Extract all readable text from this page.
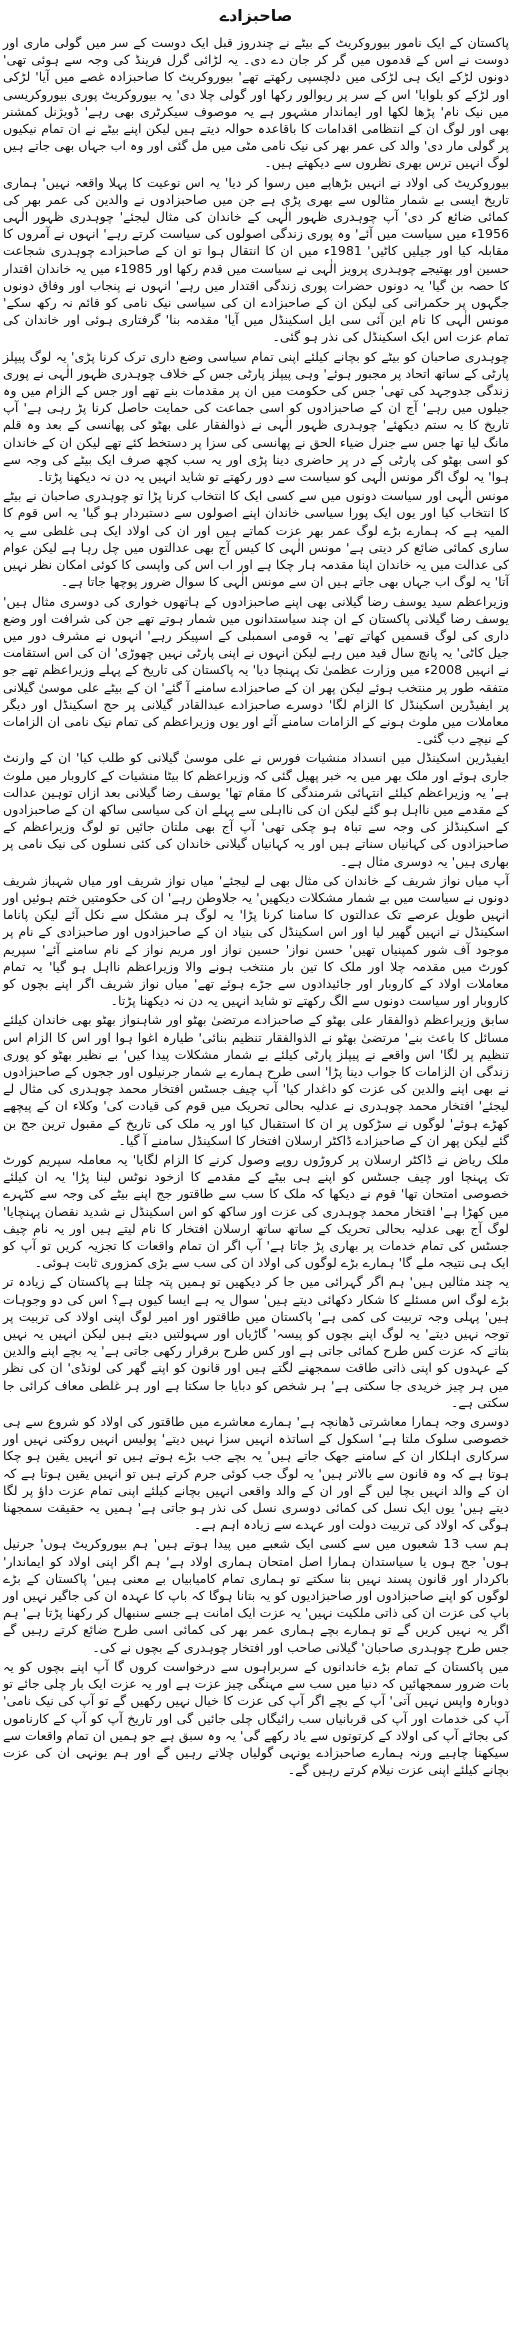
صاحبزادے

پاکستان کے ایک نامور بیوروکریٹ کے بیٹے نے چندروز قبل ایک دوست کے سر میں گولی ماری اور دوست نے اس کے قدموں میں گر کر جان دے دی۔ یہ لڑائی گرل فرینڈ کی وجہ سے ہوئی تھی' دونوں لڑکے ایک ہی لڑکی میں دلچسپی رکھتے تھے' بیوروکریٹ کا صاحبزادہ غصے میں آیا' لڑکی اور لڑکے کو بلوایا' اس کے سر پر ریوالور رکھا اور گولی چلا دی' یہ بیوروکریٹ پوری بیوروکریسی میں نیک نام' پڑھا لکھا اور ایماندار مشہور ہے یہ موصوف سیکرٹری بھی رہے' ڈویژنل کمشنر بھی اور لوگ ان کے انتظامی اقدامات کا باقاعدہ حوالہ دیتے ہیں لیکن اپنے بیٹے نے ان تمام نیکیوں پر گولی مار دی' والد کی عمر بھر کی نیک نامی مٹی میں مل گئی اور وہ اب جہاں بھی جاتے ہیں لوگ انہیں ترس بھری نظروں سے دیکھتے ہیں۔

بیوروکریٹ کی اولاد نے انہیں بڑھاپے میں رسوا کر دیا' یہ اس نوعیت کا پہلا واقعہ نہیں' ہماری تاریخ ایسی بے شمار مثالوں سے بھری پڑی ہے جن میں صاحبزادوں نے والدین کی عمر بھر کی کمائی ضائع کر دی' آپ چوہدری ظہور الٰہی کے خاندان کی مثال لیجئے' چوہدری ظہور الٰہی 1956ء میں سیاست میں آئے' وہ پوری زندگی اصولوں کی سیاست کرتے رہے' انہوں نے آمروں کا مقابلہ کیا اور جیلیں کاٹیں' 1981ء میں ان کا انتقال ہوا تو ان کے صاحبزادے چوہدری شجاعت حسین اور بھتیجے چوہدری پرویز الٰہی نے سیاست میں قدم رکھا اور 1985ء میں یہ خاندان اقتدار کا حصہ بن گیا' یہ دونوں حضرات پوری زندگی اقتدار میں رہے' انہوں نے پنجاب اور وفاق دونوں جگہوں پر حکمرانی کی لیکن ان کے صاحبزادے ان کی سیاسی نیک نامی کو قائم نہ رکھ سکے' مونس الٰہی کا نام این آئی سی ایل اسکینڈل میں آیا' مقدمہ بنا' گرفتاری ہوئی اور خاندان کی تمام عزت اس ایک اسکینڈل کی نذر ہو گئی۔

چوہدری صاحبان کو بیٹے کو بچانے کیلئے اپنی تمام سیاسی وضع داری ترک کرنا پڑی' یہ لوگ پیپلز پارٹی کے ساتھ اتحاد پر مجبور ہوئے' وہی پیپلز پارٹی جس کے خلاف چوہدری ظہور الٰہی نے پوری زندگی جدوجہد کی تھی' جس کی حکومت میں ان پر مقدمات بنے تھے اور جس کے الزام میں وہ جیلوں میں رہے' آج ان کے صاحبزادوں کو اسی جماعت کی حمایت حاصل کرنا پڑ رہی ہے' آپ تاریخ کا یہ ستم دیکھئے' چوہدری ظہور الٰہی نے ذوالفقار علی بھٹو کی پھانسی کے بعد وہ قلم مانگ لیا تھا جس سے جنرل ضیاء الحق نے پھانسی کی سزا پر دستخط کئے تھے لیکن ان کے خاندان کو اسی بھٹو کی پارٹی کے در پر حاضری دینا پڑی اور یہ سب کچھ صرف ایک بیٹے کی وجہ سے ہوا' یہ لوگ اگر مونس الٰہی کو سیاست سے دور رکھتے تو شاید انہیں یہ دن نہ دیکھنا پڑتا۔

مونس الٰہی اور سیاست دونوں میں سے کسی ایک کا انتخاب کرنا پڑا تو چوہدری صاحبان نے بیٹے کا انتخاب کیا اور یوں ایک پورا سیاسی خاندان اپنے اصولوں سے دستبردار ہو گیا' یہ اس قوم کا المیہ ہے کہ ہمارے بڑے لوگ عمر بھر عزت کماتے ہیں اور ان کی اولاد ایک ہی غلطی سے یہ ساری کمائی ضائع کر دیتی ہے' مونس الٰہی کا کیس آج بھی عدالتوں میں چل رہا ہے لیکن عوام کی عدالت میں یہ خاندان اپنا مقدمہ ہار چکا ہے اور اب اس کی واپسی کا کوئی امکان نظر نہیں آتا' یہ لوگ اب جہاں بھی جاتے ہیں ان سے مونس الٰہی کا سوال ضرور پوچھا جاتا ہے۔

وزیراعظم سید یوسف رضا گیلانی بھی اپنے صاحبزادوں کے ہاتھوں خواری کی دوسری مثال ہیں' یوسف رضا گیلانی پاکستان کے ان چند سیاستدانوں میں شمار ہوتے تھے جن کی شرافت اور وضع داری کی لوگ قسمیں کھاتے تھے' یہ قومی اسمبلی کے اسپیکر رہے' انہوں نے مشرف دور میں جیل کاٹی' یہ پانچ سال قید میں رہے لیکن انہوں نے اپنی پارٹی نہیں چھوڑی' ان کی اس استقامت نے انہیں 2008ء میں وزارت عظمیٰ تک پہنچا دیا' یہ پاکستان کی تاریخ کے پہلے وزیراعظم تھے جو متفقہ طور پر منتخب ہوئے لیکن پھر ان کے صاحبزادے سامنے آ گئے' ان کے بیٹے علی موسیٰ گیلانی پر ایفیڈرین اسکینڈل کا الزام لگا' دوسرے صاحبزادے عبدالقادر گیلانی پر حج اسکینڈل اور دیگر معاملات میں ملوث ہونے کے الزامات سامنے آئے اور یوں وزیراعظم کی تمام نیک نامی ان الزامات کے نیچے دب گئی۔

ایفیڈرین اسکینڈل میں انسداد منشیات فورس نے علی موسیٰ گیلانی کو طلب کیا' ان کے وارنٹ جاری ہوئے اور ملک بھر میں یہ خبر پھیل گئی کہ وزیراعظم کا بیٹا منشیات کے کاروبار میں ملوث ہے' یہ وزیراعظم کیلئے انتہائی شرمندگی کا مقام تھا' یوسف رضا گیلانی بعد ازاں توہین عدالت کے مقدمے میں نااہل ہو گئے لیکن ان کی نااہلی سے پہلے ان کی سیاسی ساکھ ان کے صاحبزادوں کے اسکینڈلز کی وجہ سے تباہ ہو چکی تھی' آپ آج بھی ملتان جائیں تو لوگ وزیراعظم کے صاحبزادوں کی کہانیاں سناتے ہیں اور یہ کہانیاں گیلانی خاندان کی کئی نسلوں کی نیک نامی پر بھاری ہیں' یہ دوسری مثال ہے۔

آپ میاں نواز شریف کے خاندان کی مثال بھی لے لیجئے' میاں نواز شریف اور میاں شہباز شریف دونوں نے سیاست میں بے شمار مشکلات دیکھیں' یہ جلاوطن رہے' ان کی حکومتیں ختم ہوئیں اور انہیں طویل عرصے تک عدالتوں کا سامنا کرنا پڑا' یہ لوگ ہر مشکل سے نکل آئے لیکن پاناما اسکینڈل نے انہیں گھیر لیا اور اس اسکینڈل کی بنیاد ان کے صاحبزادوں اور صاحبزادی کے نام پر موجود آف شور کمپنیاں تھیں' حسن نواز' حسین نواز اور مریم نواز کے نام سامنے آئے' سپریم کورٹ میں مقدمہ چلا اور ملک کا تین بار منتخب ہونے والا وزیراعظم نااہل ہو گیا' یہ تمام معاملات اولاد کے کاروبار اور جائیدادوں سے جڑے ہوئے تھے' میاں نواز شریف اگر اپنے بچوں کو کاروبار اور سیاست دونوں سے الگ رکھتے تو شاید انہیں یہ دن نہ دیکھنا پڑتا۔

سابق وزیراعظم ذوالفقار علی بھٹو کے صاحبزادے مرتضیٰ بھٹو اور شاہنواز بھٹو بھی خاندان کیلئے مسائل کا باعث بنے' مرتضیٰ بھٹو نے الذوالفقار تنظیم بنائی' طیارہ اغوا ہوا اور اس کا الزام اس تنظیم پر لگا' اس واقعے نے پیپلز پارٹی کیلئے بے شمار مشکلات پیدا کیں' بے نظیر بھٹو کو پوری زندگی ان الزامات کا جواب دینا پڑا' اسی طرح ہمارے بے شمار جرنیلوں اور ججوں کے صاحبزادوں نے بھی اپنے والدین کی عزت کو داغدار کیا' آپ چیف جسٹس افتخار محمد چوہدری کی مثال لے لیجئے' افتخار محمد چوہدری نے عدلیہ بحالی تحریک میں قوم کی قیادت کی' وکلاء ان کے پیچھے کھڑے ہوئے' لوگوں نے سڑکوں پر ان کا استقبال کیا اور یہ ملک کی تاریخ کے مقبول ترین جج بن گئے لیکن پھر ان کے صاحبزادے ڈاکٹر ارسلان افتخار کا اسکینڈل سامنے آ گیا۔

ملک ریاض نے ڈاکٹر ارسلان پر کروڑوں روپے وصول کرنے کا الزام لگایا' یہ معاملہ سپریم کورٹ تک پہنچا اور چیف جسٹس کو اپنے ہی بیٹے کے مقدمے کا ازخود نوٹس لینا پڑا' یہ ان کیلئے خصوصی امتحان تھا' قوم نے دیکھا کہ ملک کا سب سے طاقتور جج اپنے بیٹے کی وجہ سے کٹہرے میں کھڑا ہے' افتخار محمد چوہدری کی عزت اور ساکھ کو اس اسکینڈل نے شدید نقصان پہنچایا' لوگ آج بھی عدلیہ بحالی تحریک کے ساتھ ساتھ ارسلان افتخار کا نام لیتے ہیں اور یہ نام چیف جسٹس کی تمام خدمات پر بھاری پڑ جاتا ہے' آپ اگر ان تمام واقعات کا تجزیہ کریں تو آپ کو ایک ہی نتیجہ ملے گا' ہمارے بڑے لوگوں کی اولاد ان کی سب سے بڑی کمزوری ثابت ہوئی۔

یہ چند مثالیں ہیں' ہم اگر گہرائی میں جا کر دیکھیں تو ہمیں پتہ چلتا ہے پاکستان کے زیادہ تر بڑے لوگ اس مسئلے کا شکار دکھائی دیتے ہیں' سوال یہ ہے ایسا کیوں ہے؟ اس کی دو وجوہات ہیں' پہلی وجہ تربیت کی کمی ہے' پاکستان میں طاقتور اور امیر لوگ اپنی اولاد کی تربیت پر توجہ نہیں دیتے' یہ لوگ اپنے بچوں کو پیسہ' گاڑیاں اور سہولتیں دیتے ہیں لیکن انہیں یہ نہیں بتاتے کہ عزت کس طرح کمائی جاتی ہے اور کس طرح برقرار رکھی جاتی ہے' یہ بچے اپنے والدین کے عہدوں کو اپنی ذاتی طاقت سمجھنے لگتے ہیں اور قانون کو اپنے گھر کی لونڈی' ان کی نظر میں ہر چیز خریدی جا سکتی ہے' ہر شخص کو دبایا جا سکتا ہے اور ہر غلطی معاف کرائی جا سکتی ہے۔

دوسری وجہ ہمارا معاشرتی ڈھانچہ ہے' ہمارے معاشرے میں طاقتور کی اولاد کو شروع سے ہی خصوصی سلوک ملتا ہے' اسکول کے اساتذہ انہیں سزا نہیں دیتے' پولیس انہیں روکتی نہیں اور سرکاری اہلکار ان کے سامنے جھک جاتے ہیں' یہ بچے جب بڑے ہوتے ہیں تو انہیں یقین ہو چکا ہوتا ہے کہ وہ قانون سے بالاتر ہیں' یہ لوگ جب کوئی جرم کرتے ہیں تو انہیں یقین ہوتا ہے کہ ان کے والد انہیں بچا لیں گے اور ان کے والد واقعی انہیں بچانے کیلئے اپنی تمام عزت داؤ پر لگا دیتے ہیں' یوں ایک نسل کی کمائی دوسری نسل کی نذر ہو جاتی ہے' ہمیں یہ حقیقت سمجھنا ہوگی کہ اولاد کی تربیت دولت اور عہدے سے زیادہ اہم ہے۔

ہم سب 13 شعبوں میں سے کسی ایک شعبے میں پیدا ہوتے ہیں' ہم بیوروکریٹ ہوں' جرنیل ہوں' جج ہوں یا سیاستدان ہمارا اصل امتحان ہماری اولاد ہے' ہم اگر اپنی اولاد کو ایماندار' باکردار اور قانون پسند نہیں بنا سکتے تو ہماری تمام کامیابیاں بے معنی ہیں' پاکستان کے بڑے لوگوں کو اپنے صاحبزادوں اور صاحبزادیوں کو یہ بتانا ہوگا کہ باپ کا عہدہ ان کی جاگیر نہیں اور باپ کی عزت ان کی ذاتی ملکیت نہیں' یہ عزت ایک امانت ہے جسے سنبھال کر رکھنا پڑتا ہے' ہم اگر یہ نہیں کریں گے تو ہمارے بچے ہماری عمر بھر کی کمائی اسی طرح ضائع کرتے رہیں گے جس طرح چوہدری صاحبان' گیلانی صاحب اور افتخار چوہدری کے بچوں نے کی۔

میں پاکستان کے تمام بڑے خاندانوں کے سربراہوں سے درخواست کروں گا آپ اپنے بچوں کو یہ بات ضرور سمجھائیں کہ دنیا میں سب سے مہنگی چیز عزت ہے اور یہ عزت ایک بار چلی جائے تو دوبارہ واپس نہیں آتی' آپ کے بچے اگر آپ کی عزت کا خیال نہیں رکھیں گے تو آپ کی نیک نامی' آپ کی خدمات اور آپ کی قربانیاں سب رائیگاں چلی جائیں گی اور تاریخ آپ کو آپ کے کارناموں کی بجائے آپ کی اولاد کے کرتوتوں سے یاد رکھے گی' یہ وہ سبق ہے جو ہمیں ان تمام واقعات سے سیکھنا چاہیے ورنہ ہمارے صاحبزادے یونہی گولیاں چلاتے رہیں گے اور ہم یونہی ان کی عزت بچانے کیلئے اپنی عزت نیلام کرتے رہیں گے۔
